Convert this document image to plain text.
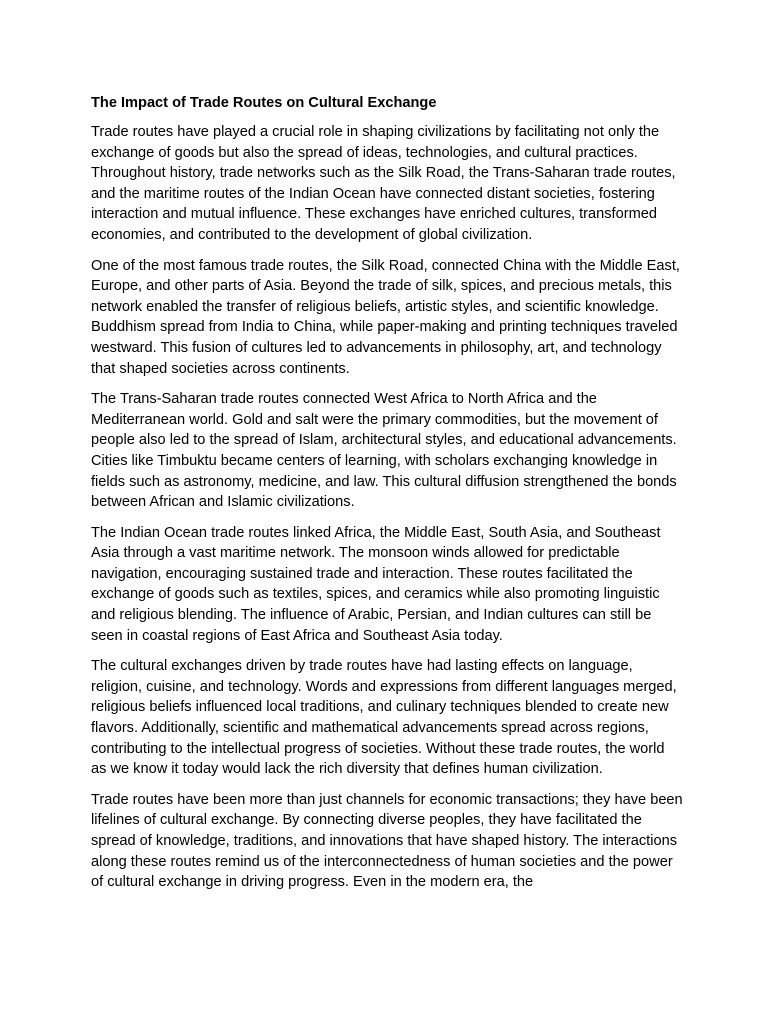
The Impact of Trade Routes on Cultural Exchange

Trade routes have played a crucial role in shaping civilizations by facilitating not only the exchange of goods but also the spread of ideas, technologies, and cultural practices. Throughout history, trade networks such as the Silk Road, the Trans-Saharan trade routes, and the maritime routes of the Indian Ocean have connected distant societies, fostering interaction and mutual influence. These exchanges have enriched cultures, transformed economies, and contributed to the development of global civilization.

One of the most famous trade routes, the Silk Road, connected China with the Middle East, Europe, and other parts of Asia. Beyond the trade of silk, spices, and precious metals, this network enabled the transfer of religious beliefs, artistic styles, and scientific knowledge. Buddhism spread from India to China, while paper-making and printing techniques traveled westward. This fusion of cultures led to advancements in philosophy, art, and technology that shaped societies across continents.

The Trans-Saharan trade routes connected West Africa to North Africa and the Mediterranean world. Gold and salt were the primary commodities, but the movement of people also led to the spread of Islam, architectural styles, and educational advancements. Cities like Timbuktu became centers of learning, with scholars exchanging knowledge in fields such as astronomy, medicine, and law. This cultural diffusion strengthened the bonds between African and Islamic civilizations.

The Indian Ocean trade routes linked Africa, the Middle East, South Asia, and Southeast Asia through a vast maritime network. The monsoon winds allowed for predictable navigation, encouraging sustained trade and interaction. These routes facilitated the exchange of goods such as textiles, spices, and ceramics while also promoting linguistic and religious blending. The influence of Arabic, Persian, and Indian cultures can still be seen in coastal regions of East Africa and Southeast Asia today.

The cultural exchanges driven by trade routes have had lasting effects on language, religion, cuisine, and technology. Words and expressions from different languages merged, religious beliefs influenced local traditions, and culinary techniques blended to create new flavors. Additionally, scientific and mathematical advancements spread across regions, contributing to the intellectual progress of societies. Without these trade routes, the world as we know it today would lack the rich diversity that defines human civilization.

Trade routes have been more than just channels for economic transactions; they have been lifelines of cultural exchange. By connecting diverse peoples, they have facilitated the spread of knowledge, traditions, and innovations that have shaped history. The interactions along these routes remind us of the interconnectedness of human societies and the power of cultural exchange in driving progress. Even in the modern era, the
